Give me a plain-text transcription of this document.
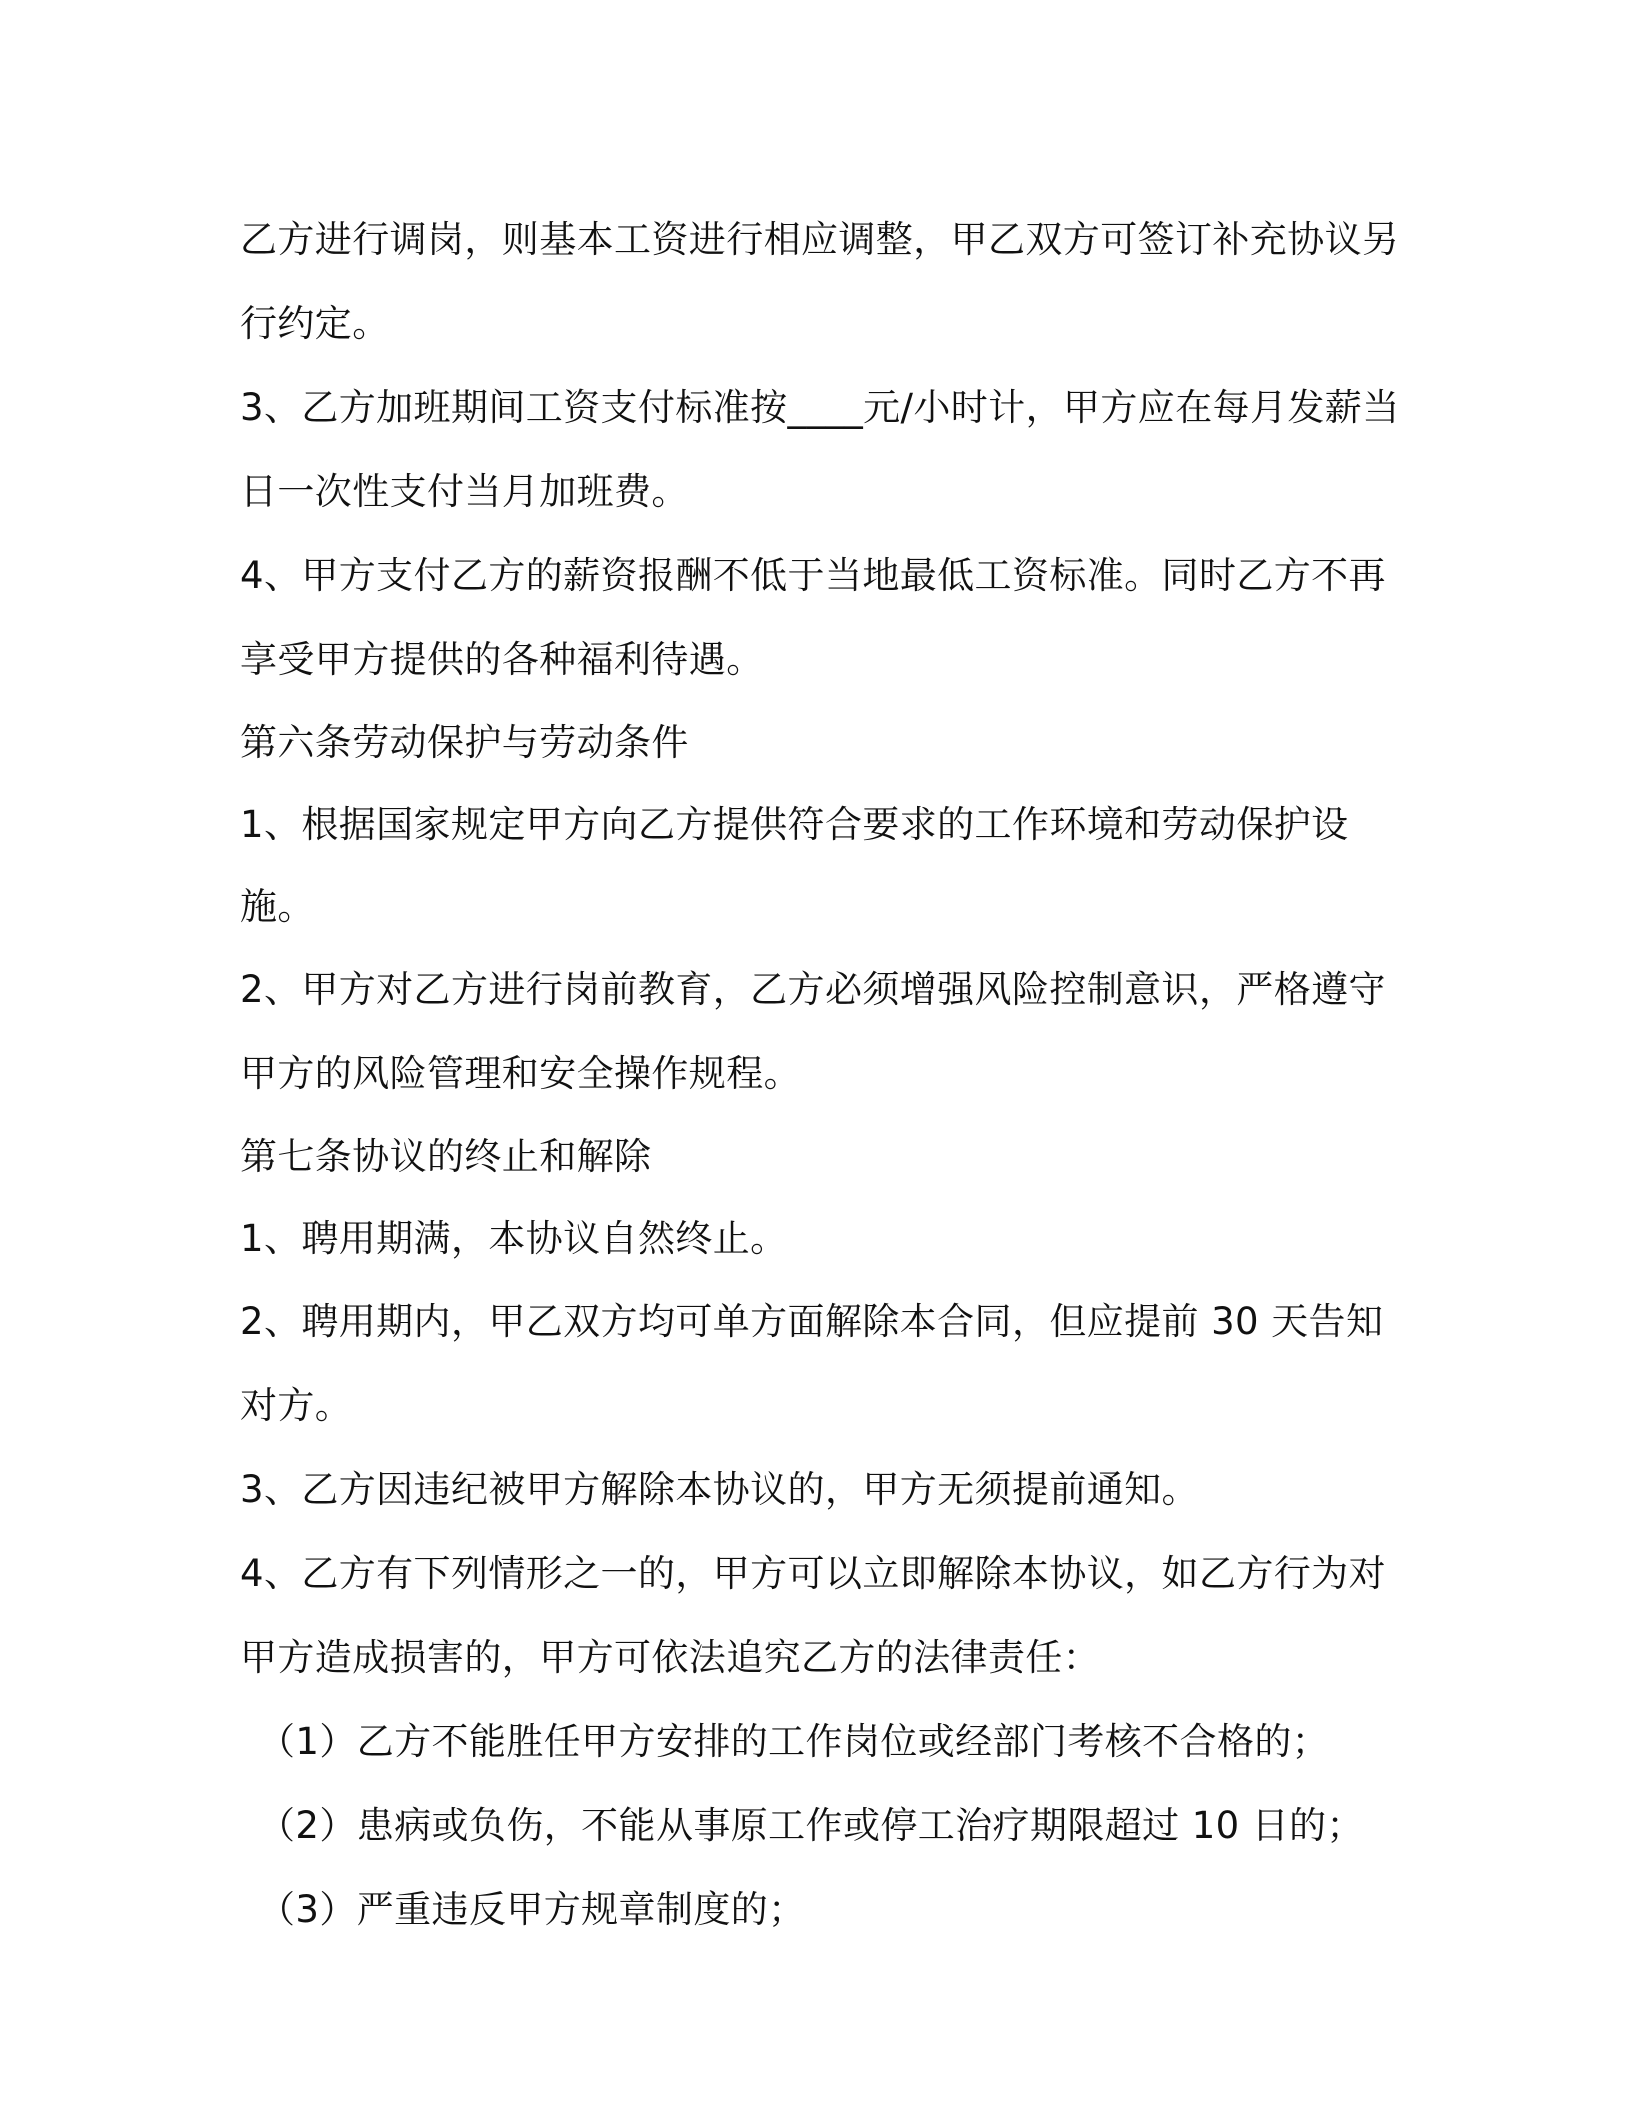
乙方进行调岗，则基本工资进行相应调整，甲乙双方可签订补充协议另行约定。

3、乙方加班期间工资支付标准按____元/小时计，甲方应在每月发薪当日一次性支付当月加班费。

4、甲方支付乙方的薪资报酬不低于当地最低工资标准。同时乙方不再享受甲方提供的各种福利待遇。

第六条劳动保护与劳动条件

1、根据国家规定甲方向乙方提供符合要求的工作环境和劳动保护设施。

2、甲方对乙方进行岗前教育，乙方必须增强风险控制意识，严格遵守甲方的风险管理和安全操作规程。

第七条协议的终止和解除

1、聘用期满，本协议自然终止。

2、聘用期内，甲乙双方均可单方面解除本合同，但应提前 30 天告知对方。

3、乙方因违纪被甲方解除本协议的，甲方无须提前通知。

4、乙方有下列情形之一的，甲方可以立即解除本协议，如乙方行为对甲方造成损害的，甲方可依法追究乙方的法律责任：

（1）乙方不能胜任甲方安排的工作岗位或经部门考核不合格的；

（2）患病或负伤，不能从事原工作或停工治疗期限超过 10 日的；

（3）严重违反甲方规章制度的；
